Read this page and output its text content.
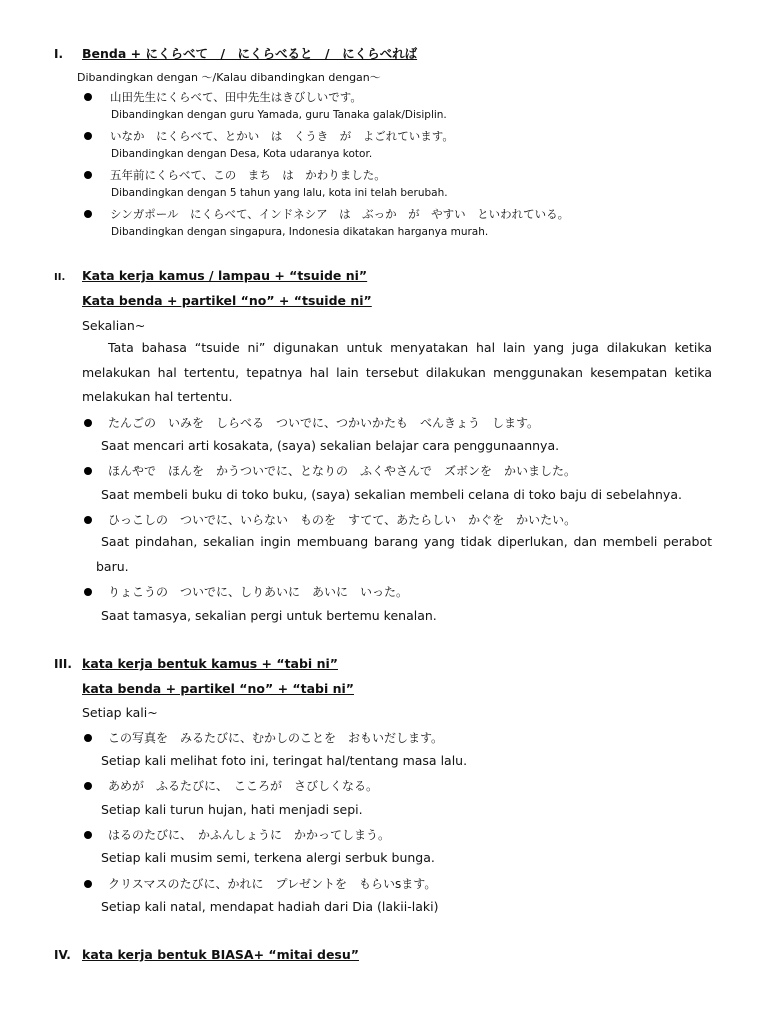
I.	Benda + にくらべて　/　にくらべると　/　にくらべれば
Dibandingkan dengan ～/Kalau dibandingkan dengan～
山田先生にくらべて、田中先生はきびしいです。
Dibandingkan dengan guru Yamada, guru Tanaka galak/Disiplin.
いなか　にくらべて、とかい　は　くうき　が　よごれています。
Dibandingkan dengan Desa, Kota udaranya kotor.
五年前にくらべて、この　まち　は　かわりました。
Dibandingkan dengan 5 tahun yang lalu, kota ini telah berubah.
シンガポール　にくらべて、インドネシア　は　ぶっか　が　やすい　といわれている。
Dibandingkan dengan singapura, Indonesia dikatakan harganya murah.
II.	Kata kerja kamus / lampau + “tsuide ni”
Kata benda + partikel “no” + “tsuide ni”
Sekalian~
Tata bahasa “tsuide ni” digunakan untuk menyatakan hal lain yang juga dilakukan ketika melakukan hal tertentu, tepatnya hal lain tersebut dilakukan menggunakan kesempatan ketika melakukan hal tertentu.
たんごの　いみを　しらべる　ついでに、つかいかたも　べんきょう　します。
Saat mencari arti kosakata, (saya) sekalian belajar cara penggunaannya.
ほんやで　ほんを　かうついでに、となりの　ふくやさんで　ズボンを　かいました。
Saat membeli buku di toko buku, (saya) sekalian membeli celana di toko baju di sebelahnya.
ひっこしの　ついでに、いらない　ものを　すてて、あたらしい　かぐを　かいたい。
Saat pindahan, sekalian ingin membuang barang yang tidak diperlukan, dan membeli perabot baru.
りょこうの　ついでに、しりあいに　あいに　いった。
Saat tamasya, sekalian pergi untuk bertemu kenalan.
III. kata kerja bentuk kamus + “tabi ni”
kata benda + partikel “no” + “tabi ni”
Setiap kali~
この写真を　みるたびに、むかしのことを　おもいだします。
Setiap kali melihat foto ini, teringat hal/tentang masa lalu.
あめが　ふるたびに、　こころが　さびしくなる。
Setiap kali turun hujan, hati menjadi sepi.
はるのたびに、　かふんしょうに　かかってしまう。
Setiap kali musim semi, terkena alergi serbuk bunga.
クリスマスのたびに、かれに　プレゼントを　もらいsます。
Setiap kali natal, mendapat hadiah dari Dia (lakii-laki)
IV. kata kerja bentuk BIASA+ “mitai desu”
